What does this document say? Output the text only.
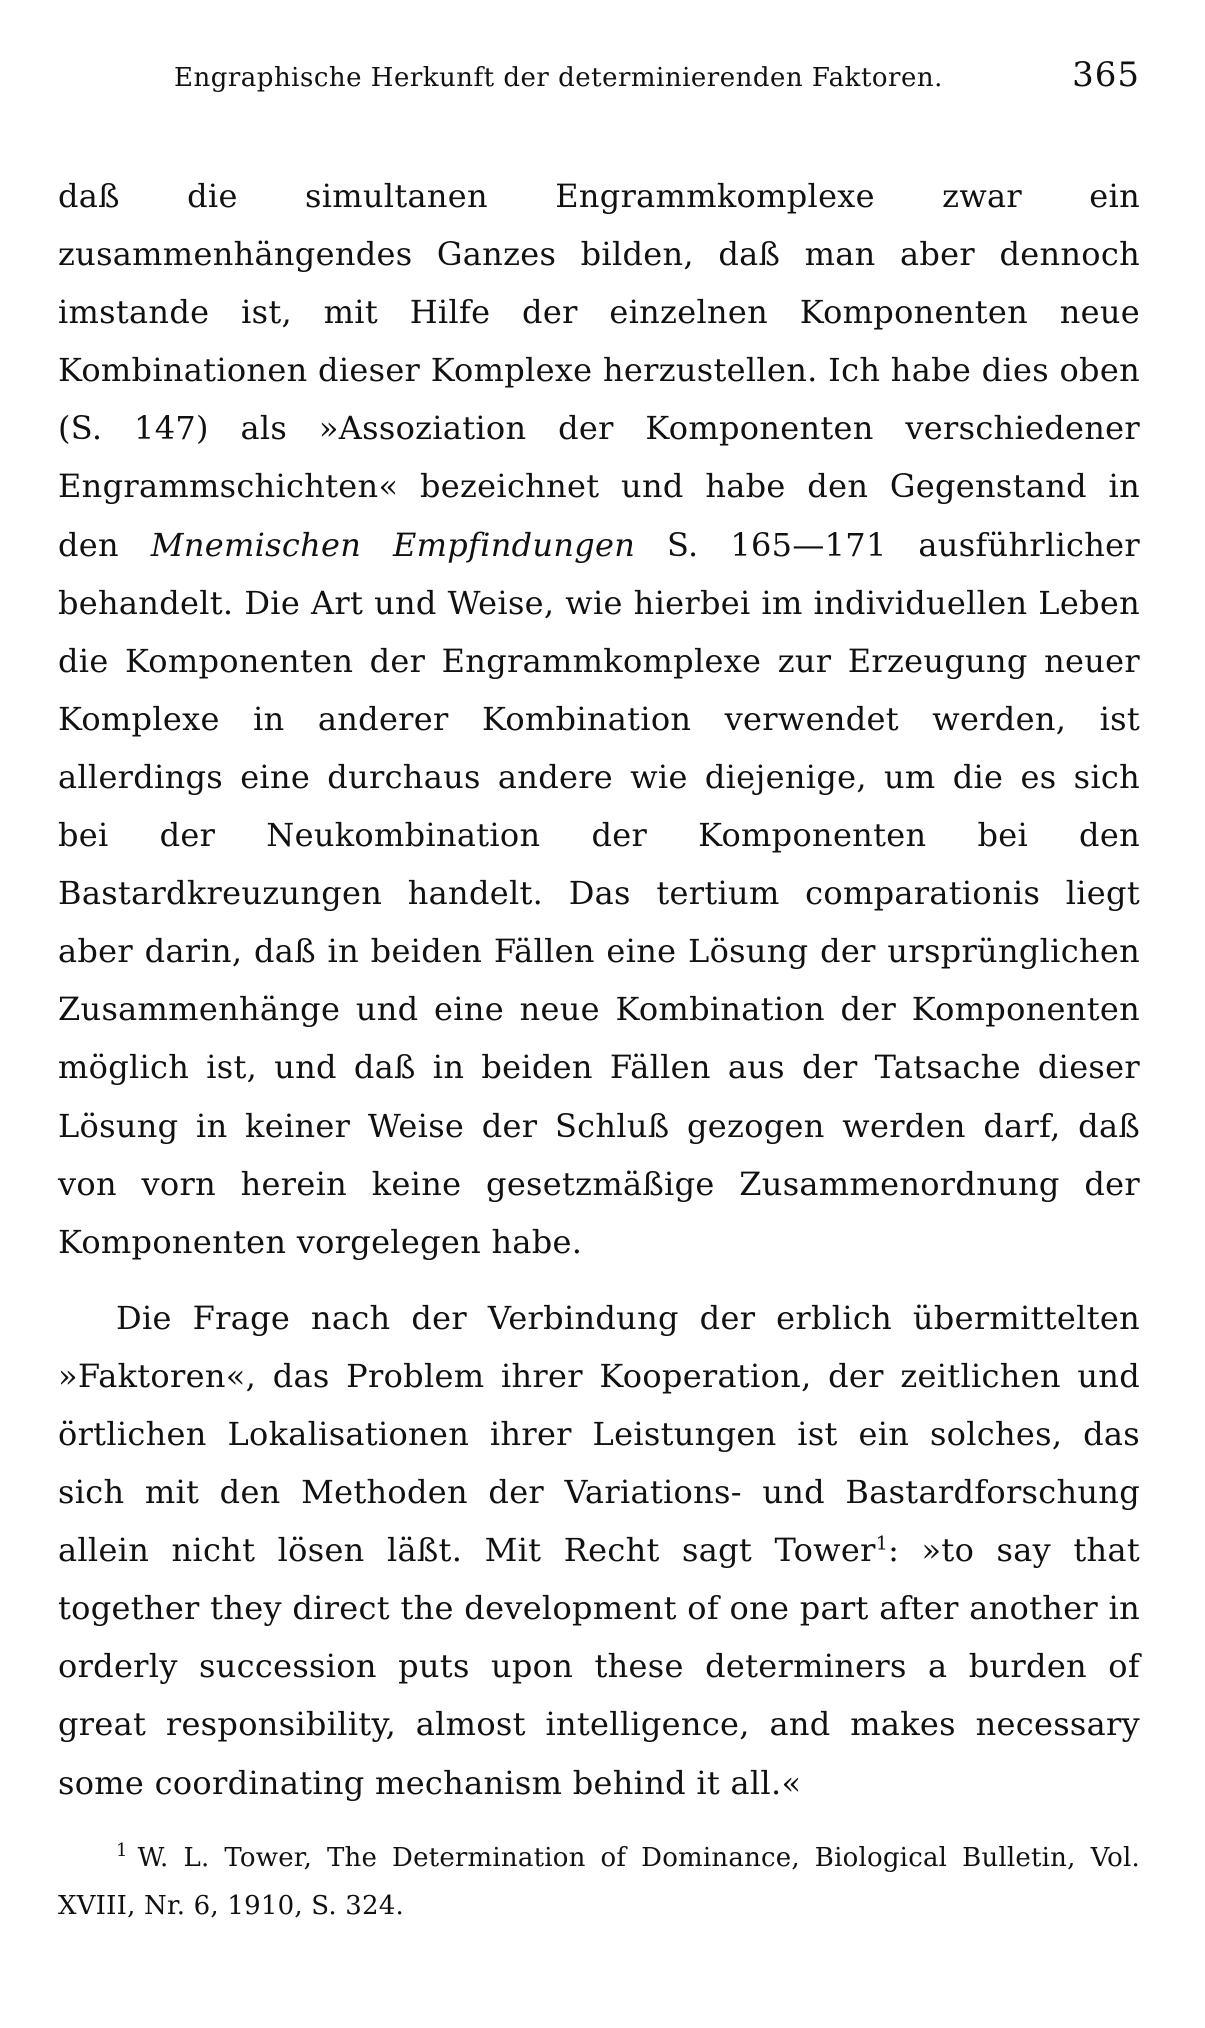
Engraphische Herkunft der determinierenden Faktoren.	365

daß die simultanen Engrammkomplexe zwar ein zusammenhängendes Ganzes bilden, daß man aber dennoch imstande ist, mit Hilfe der einzelnen Komponenten neue Kombinationen dieser Komplexe herzustellen. Ich habe dies oben (S. 147) als »Assoziation der Komponenten verschiedener Engrammschichten« bezeichnet und habe den Gegenstand in den Mnemischen Empfindungen S. 165—171 ausführlicher behandelt. Die Art und Weise, wie hierbei im individuellen Leben die Komponenten der Engrammkomplexe zur Erzeugung neuer Komplexe in anderer Kombination verwendet werden, ist allerdings eine durchaus andere wie diejenige, um die es sich bei der Neukombination der Komponenten bei den Bastardkreuzungen handelt. Das tertium comparationis liegt aber darin, daß in beiden Fällen eine Lösung der ursprünglichen Zusammenhänge und eine neue Kombination der Komponenten möglich ist, und daß in beiden Fällen aus der Tatsache dieser Lösung in keiner Weise der Schluß gezogen werden darf, daß von vorn herein keine gesetzmäßige Zusammenordnung der Komponenten vorgelegen habe.

Die Frage nach der Verbindung der erblich übermittelten »Faktoren«, das Problem ihrer Kooperation, der zeitlichen und örtlichen Lokalisationen ihrer Leistungen ist ein solches, das sich mit den Methoden der Variations- und Bastardforschung allein nicht lösen läßt. Mit Recht sagt Tower$^1$: »to say that together they direct the development of one part after another in orderly succession puts upon these determiners a burden of great responsibility, almost intelligence, and makes necessary some coordinating mechanism behind it all.«

$^1$ W. L. Tower, The Determination of Dominance, Biological Bulletin, Vol. XVIII, Nr. 6, 1910, S. 324.
